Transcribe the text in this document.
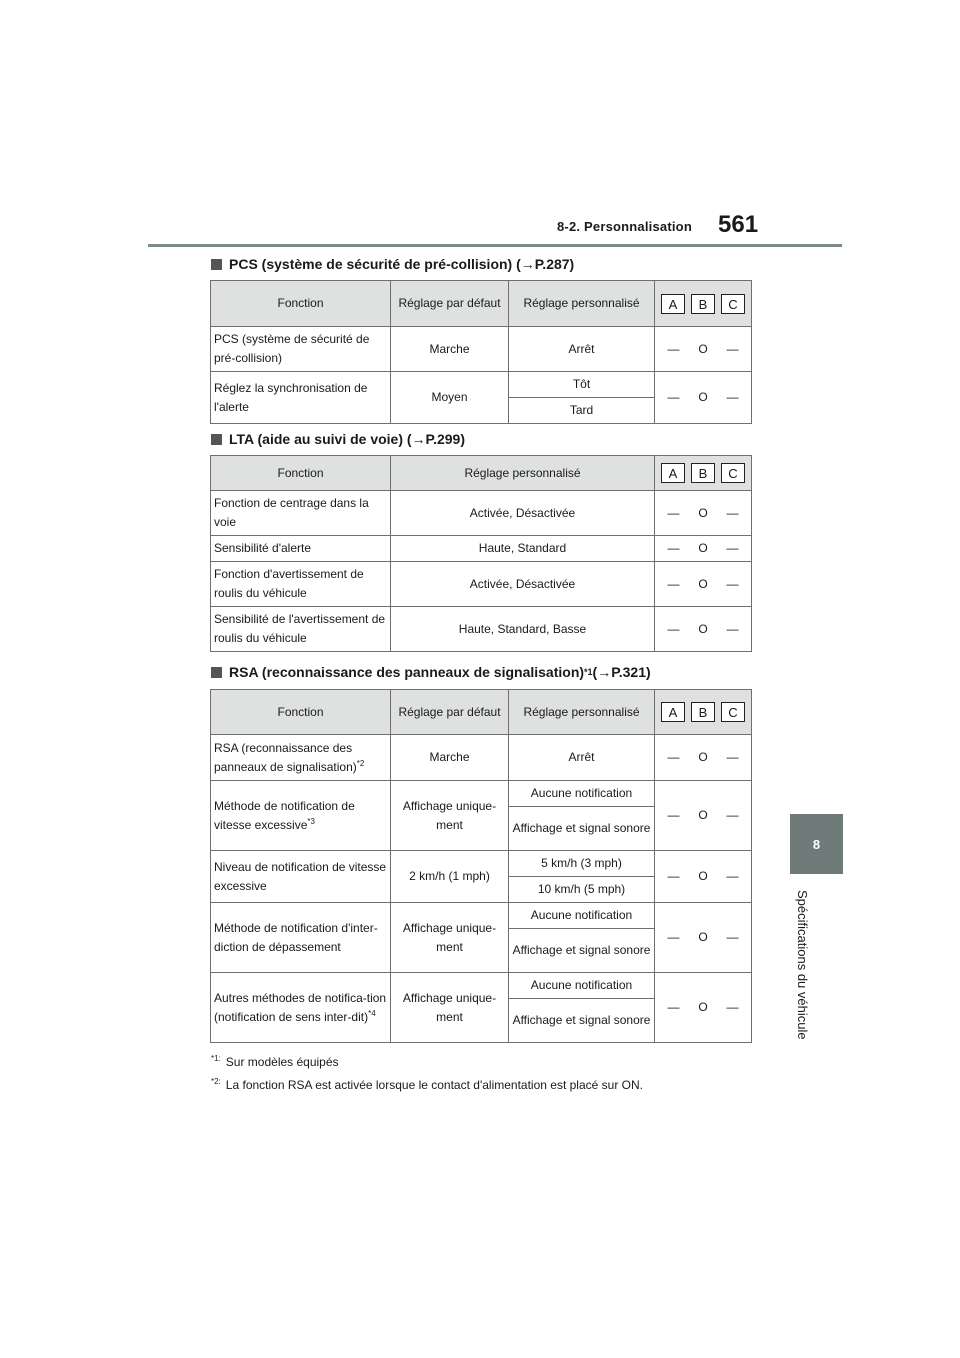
8-2. Personnalisation 561
8
Spécifications du véhicule
PCS (système de sécurité de pré-collision) ( →P.287)
Fonction	Réglage par défaut	Réglage personnalisé	A B C

PCS (système de sécurité de pré-collision)	Marche	Arrêt	— O —

Réglez la synchronisation de l'alerte	Moyen	Tôt	— O —

		Tard	
LTA (aide au suivi de voie) ( →P.299)
Fonction	Réglage personnalisé	A B C

Fonction de centrage dans la voie	Activée, Désactivée	— O —

Sensibilité d'alerte	Haute, Standard	— O —

Fonction d'avertissement de roulis du véhicule	Activée, Désactivée	— O —

Sensibilité de l'avertissement de roulis du véhicule	Haute, Standard, Basse	— O —
RSA (reconnaissance des panneaux de signalisation) *1 (→P.321)
Fonction	Réglage par défaut	Réglage personnalisé	A B C

RSA (reconnaissance des panneaux de signalisation)$^{*2}$	Marche	Arrêt	— O —

Méthode de notification de vitesse excessive$^{*3}$	Affichage unique-ment	Aucune notification	— O —

		Affichage et signal sonore	
Niveau de notification de vitesse excessive	2 km/h (1 mph)	5 km/h (3 mph)	— O —

		10 km/h (5 mph)	
Méthode de notification d'inter-diction de dépassement	Affichage unique-ment	Aucune notification	— O —

		Affichage et signal sonore	
Autres méthodes de notifica-tion (notification de sens inter-dit)$^{*4}$	Affichage unique-ment	Aucune notification	— O —

		Affichage et signal sonore	
$^{*1:}$ Sur modèles équipés
$^{*2:}$ La fonction RSA est activée lorsque le contact d'alimentation est placé sur ON.
